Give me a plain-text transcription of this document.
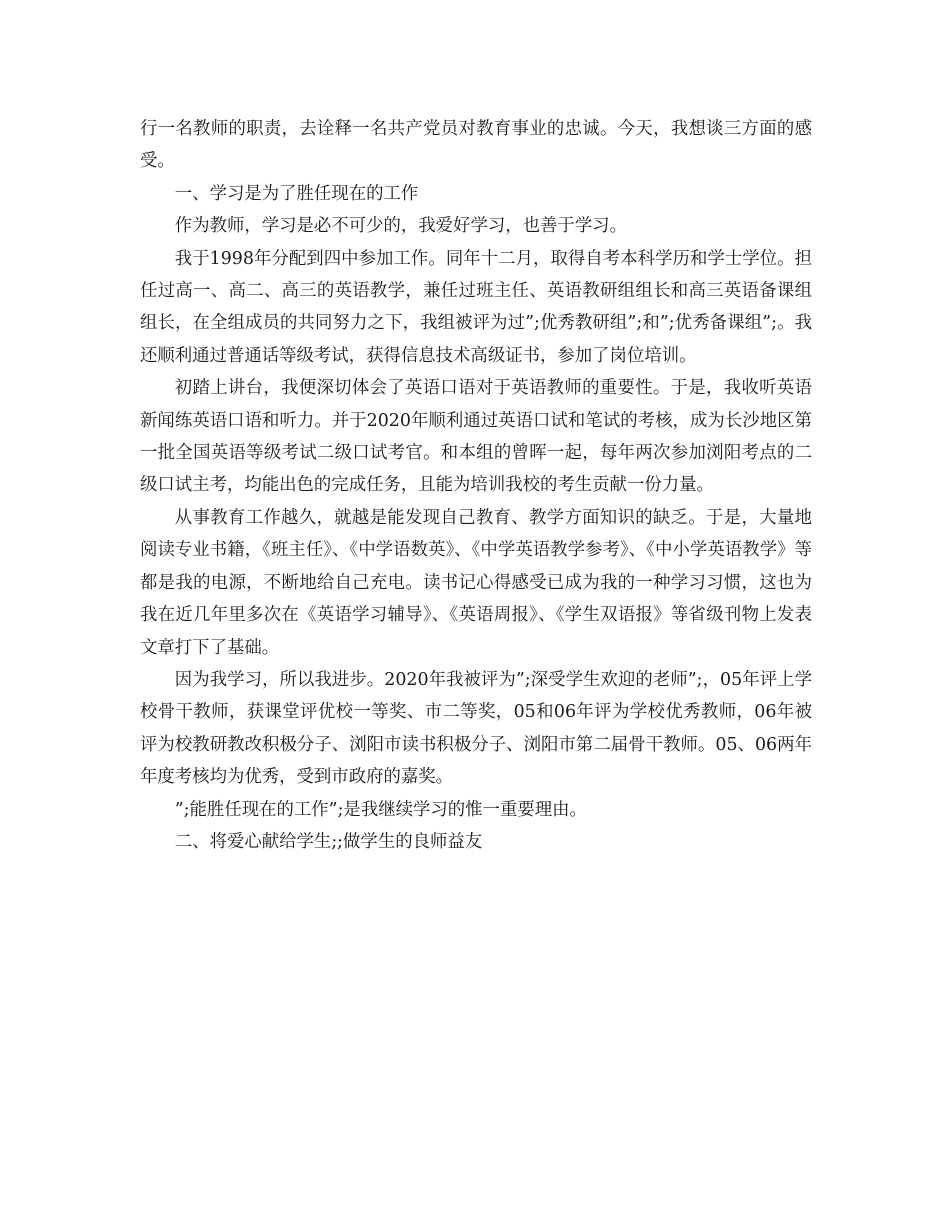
行一名教师的职责，去诠释一名共产党员对教育事业的忠诚。今天，我想谈三方面的感受。

一、学习是为了胜任现在的工作

作为教师，学习是必不可少的，我爱好学习，也善于学习。

我于1998年分配到四中参加工作。同年十二月，取得自考本科学历和学士学位。担任过高一、高二、高三的英语教学，兼任过班主任、英语教研组组长和高三英语备课组组长，在全组成员的共同努力之下，我组被评为过”;优秀教研组”;和”;优秀备课组”;。我还顺利通过普通话等级考试，获得信息技术高级证书，参加了岗位培训。

初踏上讲台，我便深切体会了英语口语对于英语教师的重要性。于是，我收听英语新闻练英语口语和听力。并于2020年顺利通过英语口试和笔试的考核，成为长沙地区第一批全国英语等级考试二级口试考官。和本组的曾晖一起，每年两次参加浏阳考点的二级口试主考，均能出色的完成任务，且能为培训我校的考生贡献一份力量。

从事教育工作越久，就越是能发现自己教育、教学方面知识的缺乏。于是，大量地阅读专业书籍，《班主任》、《中学语数英》、《中学英语教学参考》、《中小学英语教学》等都是我的电源，不断地给自己充电。读书记心得感受已成为我的一种学习习惯，这也为我在近几年里多次在《英语学习辅导》、《英语周报》、《学生双语报》等省级刊物上发表文章打下了基础。

因为我学习，所以我进步。2020年我被评为”;深受学生欢迎的老师”;，05年评上学校骨干教师，获课堂评优校一等奖、市二等奖，05和06年评为学校优秀教师，06年被评为校教研教改积极分子、浏阳市读书积极分子、浏阳市第二届骨干教师。05、06两年年度考核均为优秀，受到市政府的嘉奖。

”;能胜任现在的工作”;是我继续学习的惟一重要理由。

二、将爱心献给学生;;做学生的良师益友
